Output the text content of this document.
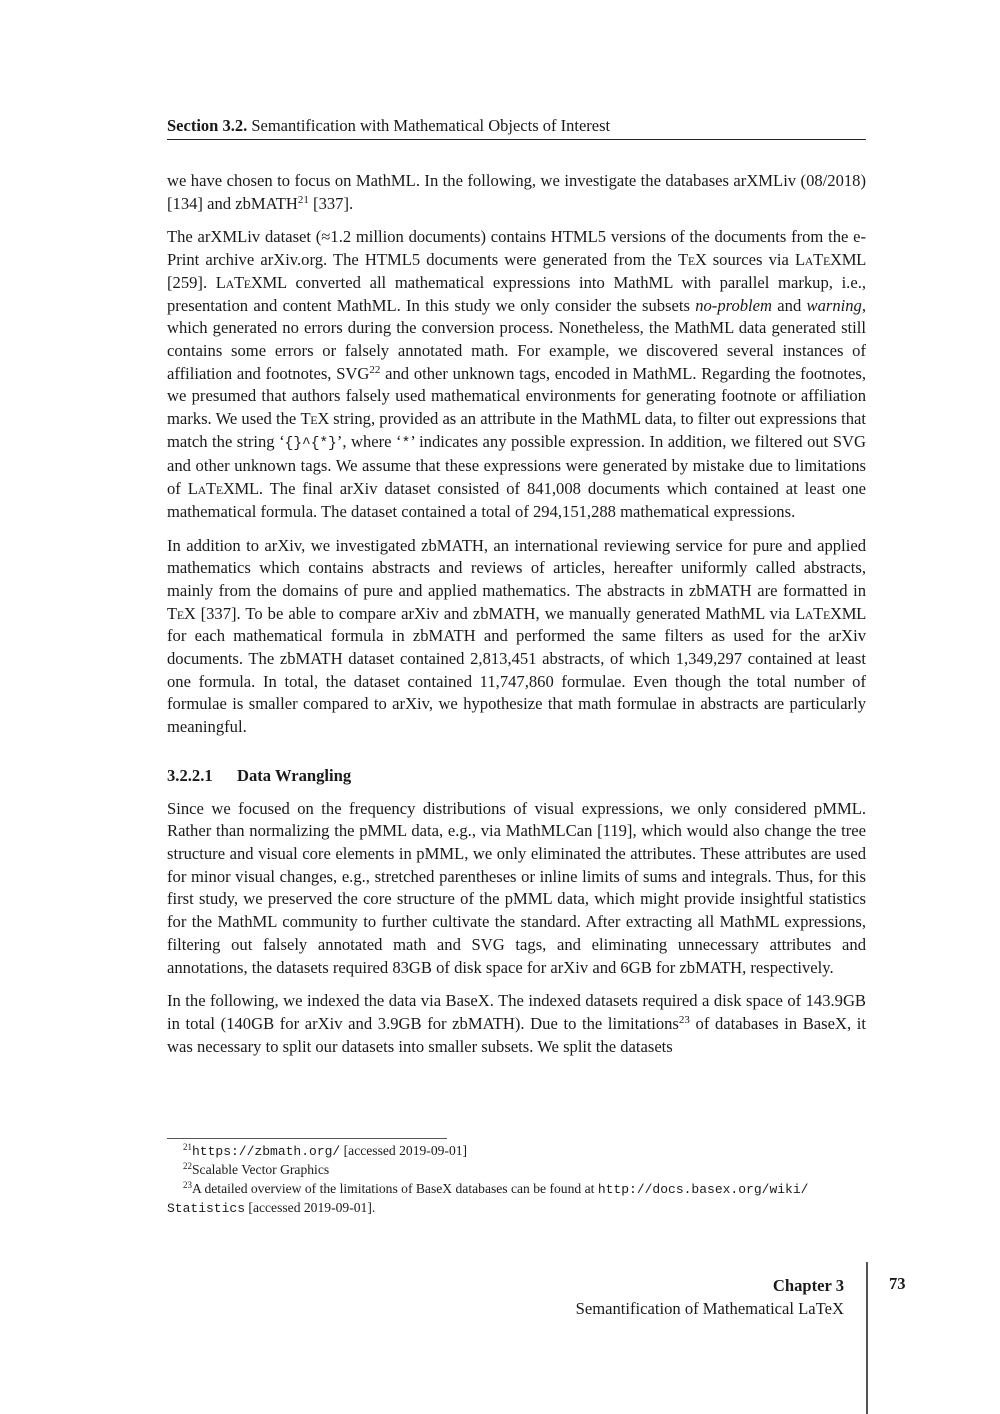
Section 3.2. Semantification with Mathematical Objects of Interest

we have chosen to focus on MathML. In the following, we investigate the databases arXMLiv (08/2018) [134] and zbMATH$^{21}$ [337].

The arXMLiv dataset (≈1.2 million documents) contains HTML5 versions of the documents from the e-Print archive arXiv.org. The HTML5 documents were generated from the TeX sources via LaTeXML [259]. LaTeXML converted all mathematical expressions into MathML with parallel markup, i.e., presentation and content MathML. In this study we only consider the subsets no-problem and warning, which generated no errors during the conversion process. Nonetheless, the MathML data generated still contains some errors or falsely annotated math. For example, we discovered several instances of affiliation and footnotes, SVG$^{22}$ and other unknown tags, encoded in MathML. Regarding the footnotes, we presumed that authors falsely used mathematical environments for generating footnote or affiliation marks. We used the TeX string, provided as an attribute in the MathML data, to filter out expressions that match the string ‘{}^{*}’, where ‘*’ indicates any possible expression. In addition, we filtered out SVG and other unknown tags. We assume that these expressions were generated by mistake due to limitations of LaTeXML. The final arXiv dataset consisted of 841,008 documents which contained at least one mathematical formula. The dataset contained a total of 294,151,288 mathematical expressions.

In addition to arXiv, we investigated zbMATH, an international reviewing service for pure and applied mathematics which contains abstracts and reviews of articles, hereafter uniformly called abstracts, mainly from the domains of pure and applied mathematics. The abstracts in zbMATH are formatted in TeX [337]. To be able to compare arXiv and zbMATH, we manually generated MathML via LaTeXML for each mathematical formula in zbMATH and performed the same filters as used for the arXiv documents. The zbMATH dataset contained 2,813,451 abstracts, of which 1,349,297 contained at least one formula. In total, the dataset contained 11,747,860 formulae. Even though the total number of formulae is smaller compared to arXiv, we hypothesize that math formulae in abstracts are particularly meaningful.

3.2.2.1 Data Wrangling

Since we focused on the frequency distributions of visual expressions, we only considered pMML. Rather than normalizing the pMML data, e.g., via MathMLCan [119], which would also change the tree structure and visual core elements in pMML, we only eliminated the attributes. These attributes are used for minor visual changes, e.g., stretched parentheses or inline limits of sums and integrals. Thus, for this first study, we preserved the core structure of the pMML data, which might provide insightful statistics for the MathML community to further cultivate the standard. After extracting all MathML expressions, filtering out falsely annotated math and SVG tags, and eliminating unnecessary attributes and annotations, the datasets required 83GB of disk space for arXiv and 6GB for zbMATH, respectively.

In the following, we indexed the data via BaseX. The indexed datasets required a disk space of 143.9GB in total (140GB for arXiv and 3.9GB for zbMATH). Due to the limitations$^{23}$ of databases in BaseX, it was necessary to split our datasets into smaller subsets. We split the datasets

$^{21}$https://zbmath.org/ [accessed 2019-09-01]
$^{22}$Scalable Vector Graphics
$^{23}$A detailed overview of the limitations of BaseX databases can be found at http://docs.basex.org/wiki/ Statistics [accessed 2019-09-01].
Chapter 3
Semantification of Mathematical LaTeX
73
